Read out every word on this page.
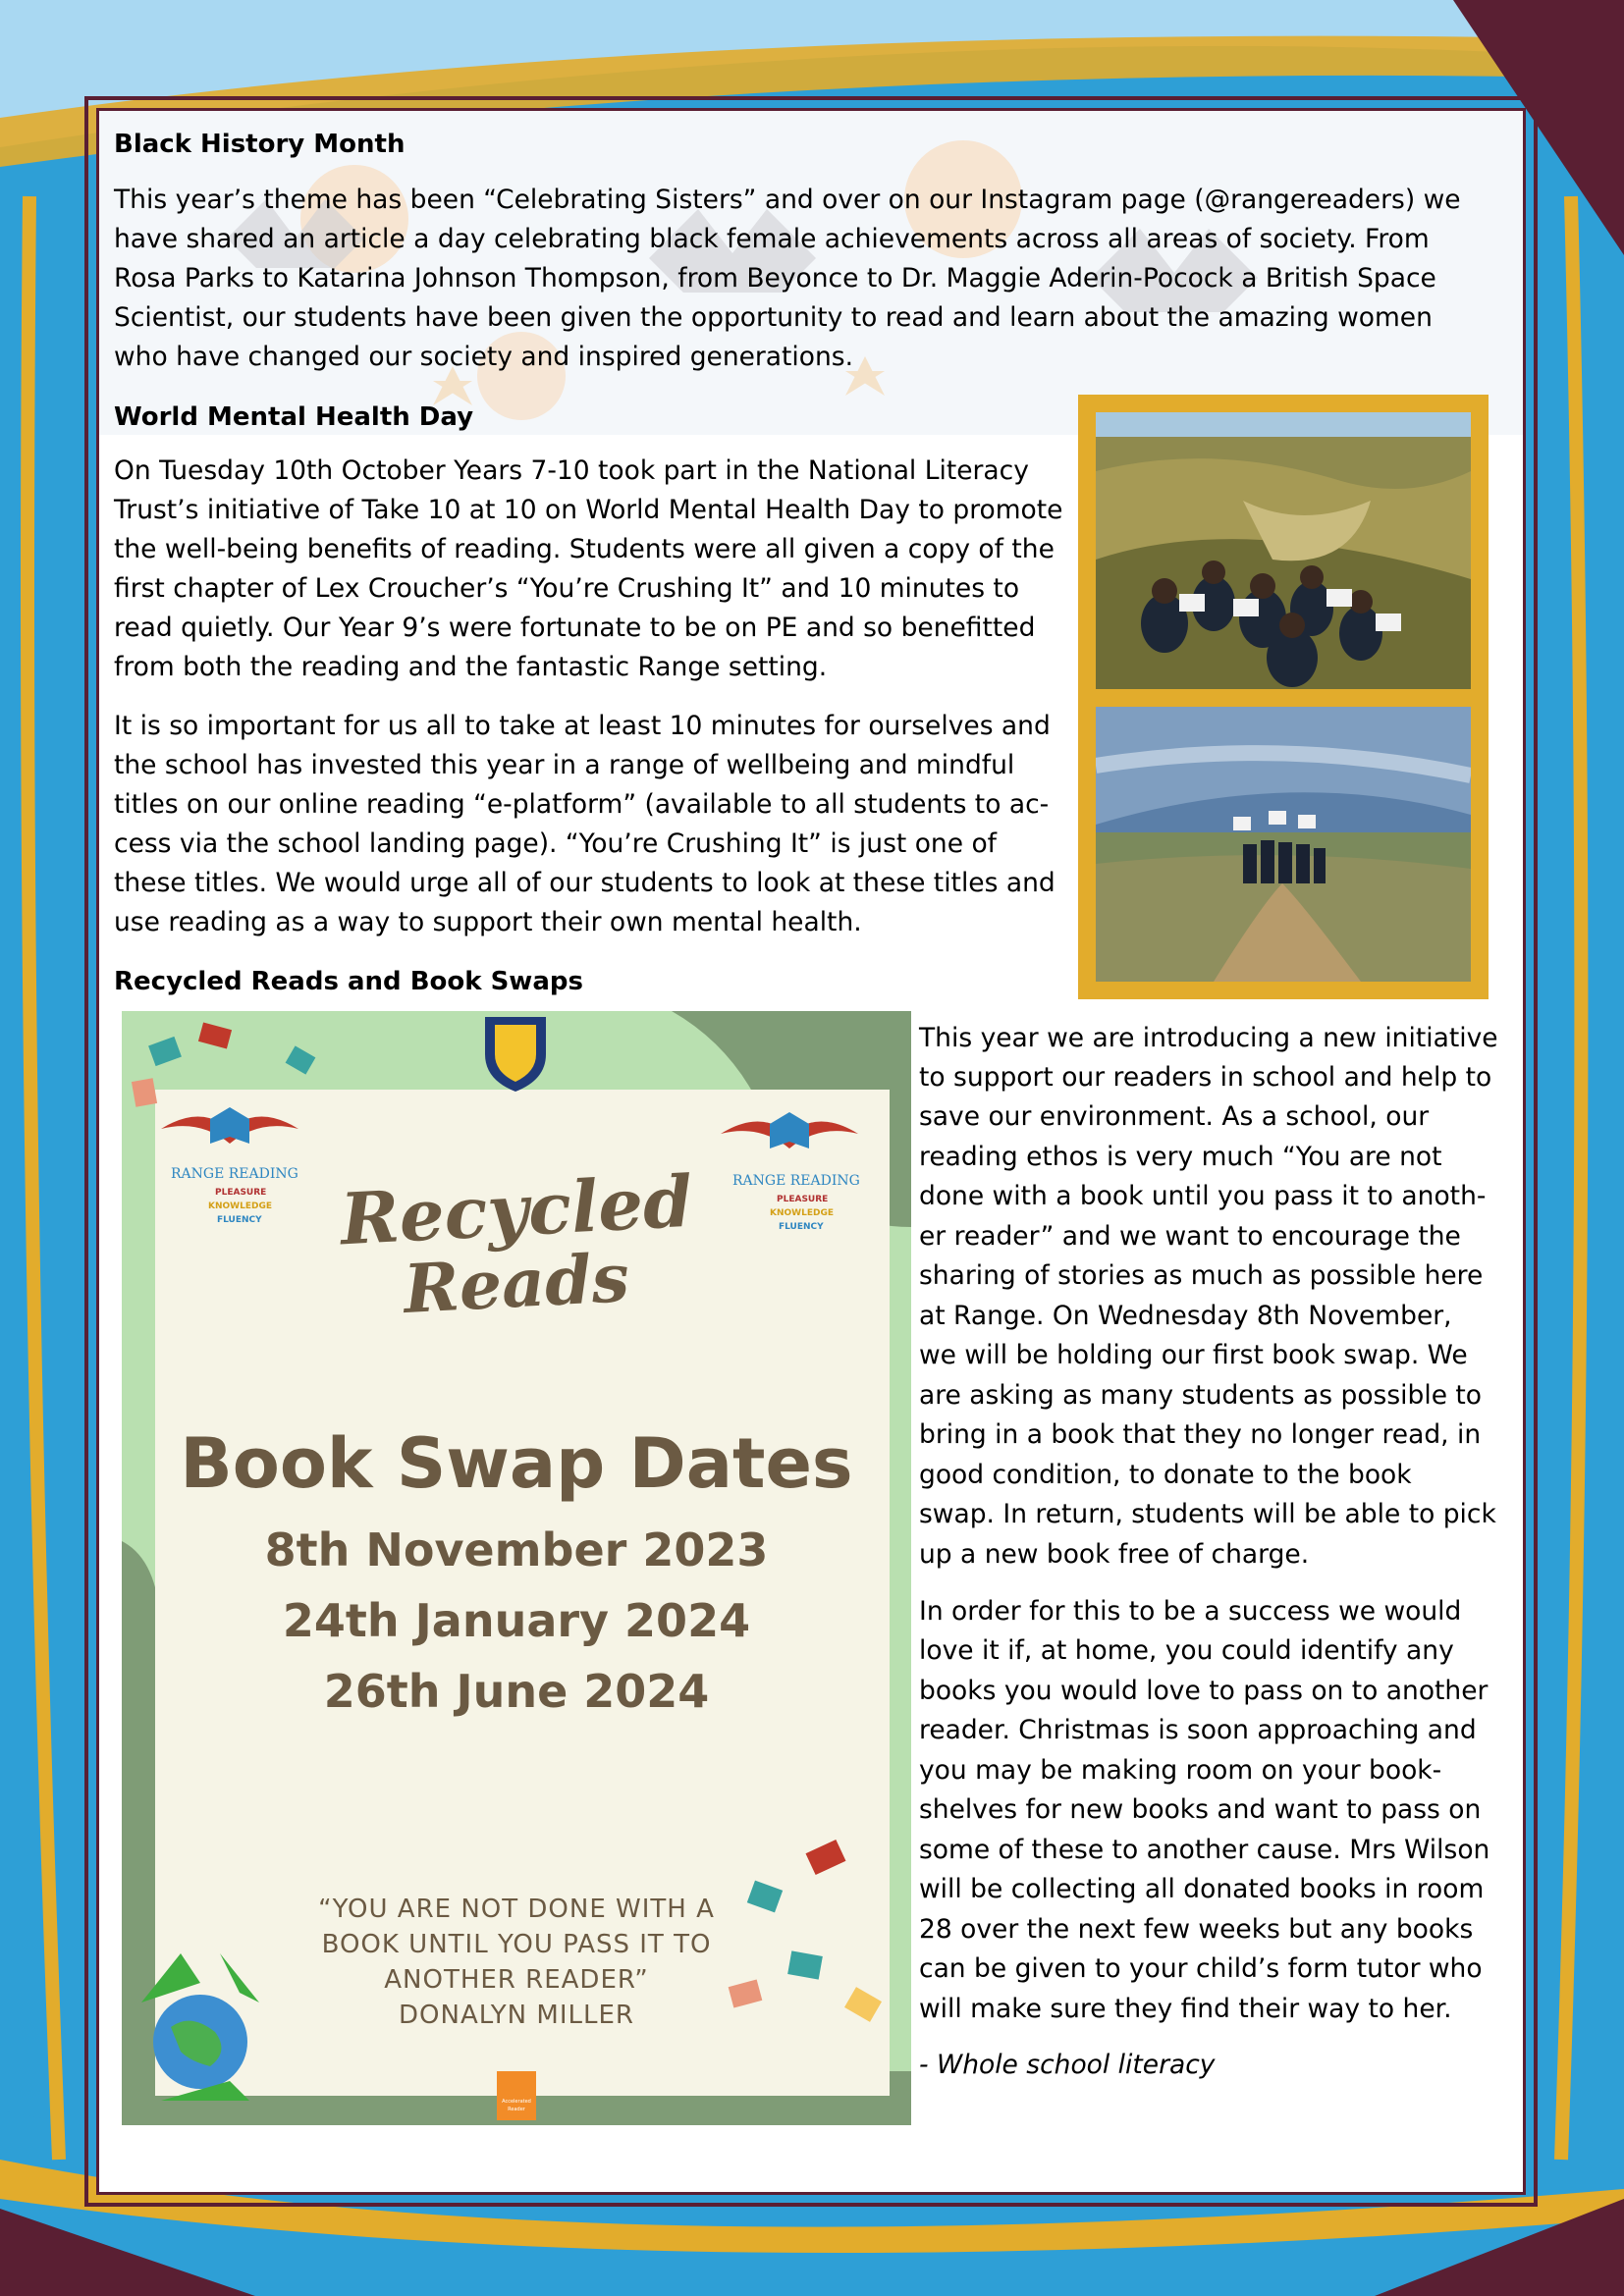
Black History Month

This year’s theme has been “Celebrating Sisters” and over on our Instagram page (@rangereaders) we

have shared an article a day celebrating black female achievements across all areas of society. From

Rosa Parks to Katarina Johnson Thompson, from Beyonce to Dr. Maggie Aderin-Pocock a British Space

Scientist, our students have been given the opportunity to read and learn about the amazing women

who have changed our society and inspired generations.

World Mental Health Day

On Tuesday 10th October Years 7-10 took part in the National Literacy

Trust’s initiative of Take 10 at 10 on World Mental Health Day to promote

the well-being benefits of reading. Students were all given a copy of the

first chapter of Lex Croucher’s “You’re Crushing It” and 10 minutes to

read quietly. Our Year 9’s were fortunate to be on PE and so benefitted

from both the reading and the fantastic Range setting.

It is so important for us all to take at least 10 minutes for ourselves and

the school has invested this year in a range of wellbeing and mindful

titles on our online reading “e-platform” (available to all students to ac-

cess via the school landing page). “You’re Crushing It” is just one of

these titles. We would urge all of our students to look at these titles and

use reading as a way to support their own mental health.

Recycled Reads and Book Swaps
RANGE READING
PLEASURE
KNOWLEDGE
FLUENCY
RANGE READING
PLEASURE
KNOWLEDGE
FLUENCY
Recycled
Reads
Book Swap Dates
8th November 2023
24th January 2024
26th June 2024
“YOU ARE NOT DONE WITH A
BOOK UNTIL YOU PASS IT TO
ANOTHER READER”
DONALYN MILLER
Accelerated
Reader

This year we are introducing a new initiative

to support our readers in school and help to

save our environment. As a school, our

reading ethos is very much “You are not

done with a book until you pass it to anoth-

er reader” and we want to encourage the

sharing of stories as much as possible here

at Range. On Wednesday 8th November,

we will be holding our first book swap. We

are asking as many students as possible to

bring in a book that they no longer read, in

good condition, to donate to the book

swap. In return, students will be able to pick

up a new book free of charge.

In order for this to be a success we would

love it if, at home, you could identify any

books you would love to pass on to another

reader. Christmas is soon approaching and

you may be making room on your book-

shelves for new books and want to pass on

some of these to another cause. Mrs Wilson

will be collecting all donated books in room

28 over the next few weeks but any books

can be given to your child’s form tutor who

will make sure they find their way to her.

- Whole school literacy
